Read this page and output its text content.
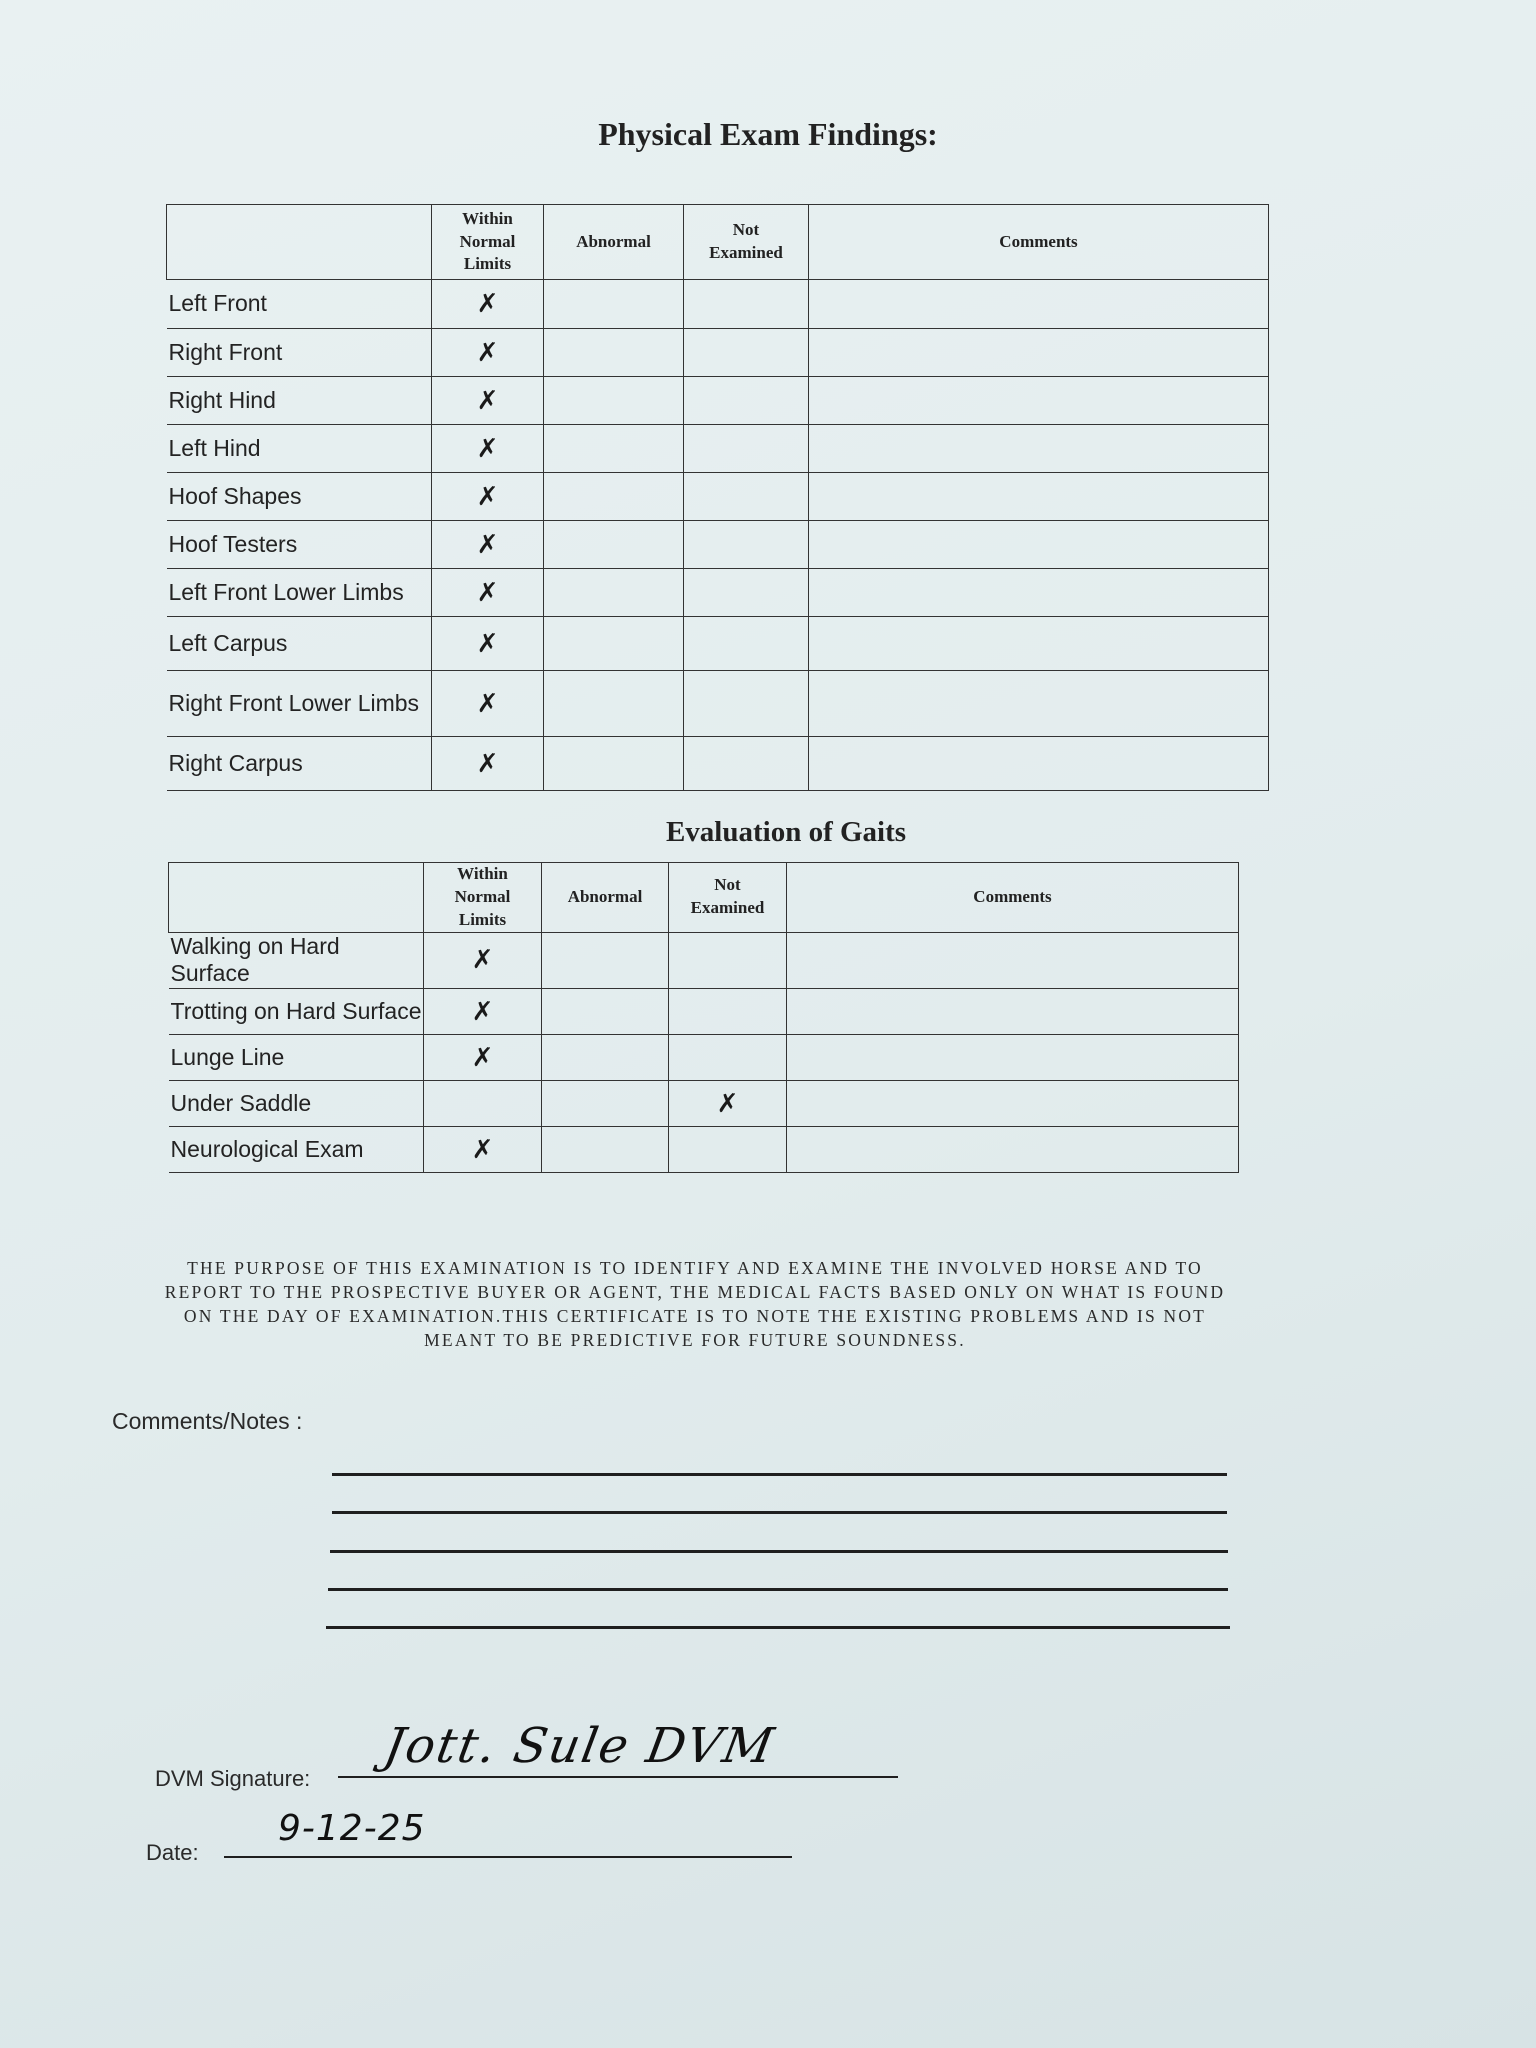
Physical Exam Findings:
	Within
Normal
Limits	Abnormal	Not
Examined	Comments
Left Front	✗			
Right Front	✗			
Right Hind	✗			
Left Hind	✗			
Hoof Shapes	✗			
Hoof Testers	✗			
Left Front Lower Limbs	✗			
Left Carpus	✗			
Right Front Lower Limbs	✗			
Right Carpus	✗			
Evaluation of Gaits
	Within
Normal
Limits	Abnormal	Not
Examined	Comments
Walking on Hard Surface	✗			
Trotting on Hard Surface	✗			
Lunge Line	✗			
Under Saddle			✗	
Neurological Exam	✗			
THE PURPOSE OF THIS EXAMINATION IS TO IDENTIFY AND EXAMINE THE INVOLVED HORSE AND TO REPORT TO THE PROSPECTIVE BUYER OR AGENT, THE MEDICAL FACTS BASED ONLY ON WHAT IS FOUND ON THE DAY OF EXAMINATION.THIS CERTIFICATE IS TO NOTE THE EXISTING PROBLEMS AND IS NOT MEANT TO BE PREDICTIVE FOR FUTURE SOUNDNESS.
Comments/Notes :
DVM Signature:
Jott. Sule DVM
Date:
9-12-25
